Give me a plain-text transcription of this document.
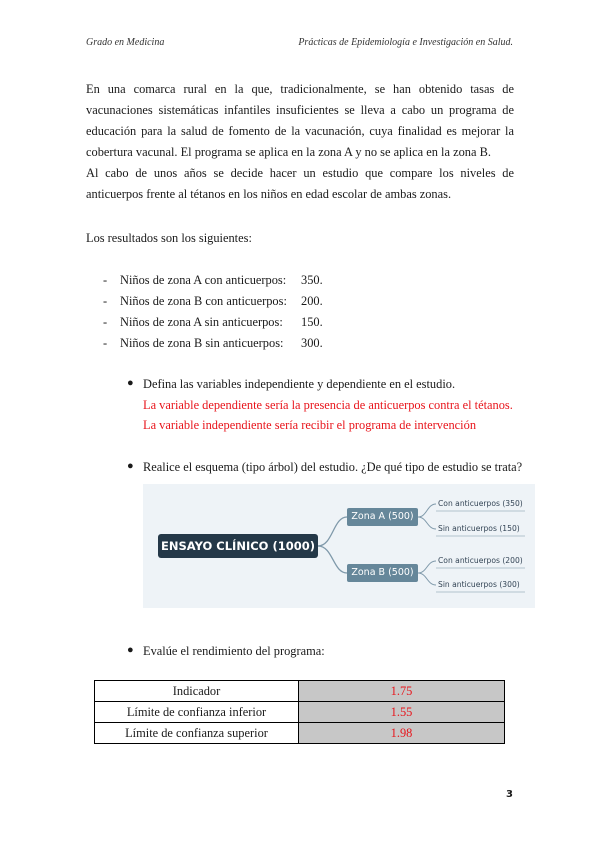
Grado en Medicina	Prácticas de Epidemiología e Investigación en Salud.

En una comarca rural en la que, tradicionalmente, se han obtenido tasas de vacunaciones sistemáticas infantiles insuficientes se lleva a cabo un programa de educación para la salud de fomento de la vacunación, cuya finalidad es mejorar la cobertura vacunal. El programa se aplica en la zona A y no se aplica en la zona B.

Al cabo de unos años se decide hacer un estudio que compare los niveles de anticuerpos frente al tétanos en los niños en edad escolar de ambas zonas.

Los resultados son los siguientes:

- Niños de zona A con anticuerpos: 350.
- Niños de zona B con anticuerpos: 200.
- Niños de zona A sin anticuerpos: 150.
- Niños de zona B sin anticuerpos: 300.
● Defina las variables independiente y dependiente en el estudio.
La variable dependiente sería la presencia de anticuerpos contra el tétanos.
La variable independiente sería recibir el programa de intervención
● Realice el esquema (tipo árbol) del estudio. ¿De qué tipo de estudio se trata?
ENSAYO CLÍNICO (1000)
Zona A (500)
Zona B (500)
Con anticuerpos (350)
Sin anticuerpos (150)
Con anticuerpos (200)
Sin anticuerpos (300)
● Evalúe el rendimiento del programa:
Indicador	1.75
Límite de confianza inferior	1.55
Límite de confianza superior	1.98
3
